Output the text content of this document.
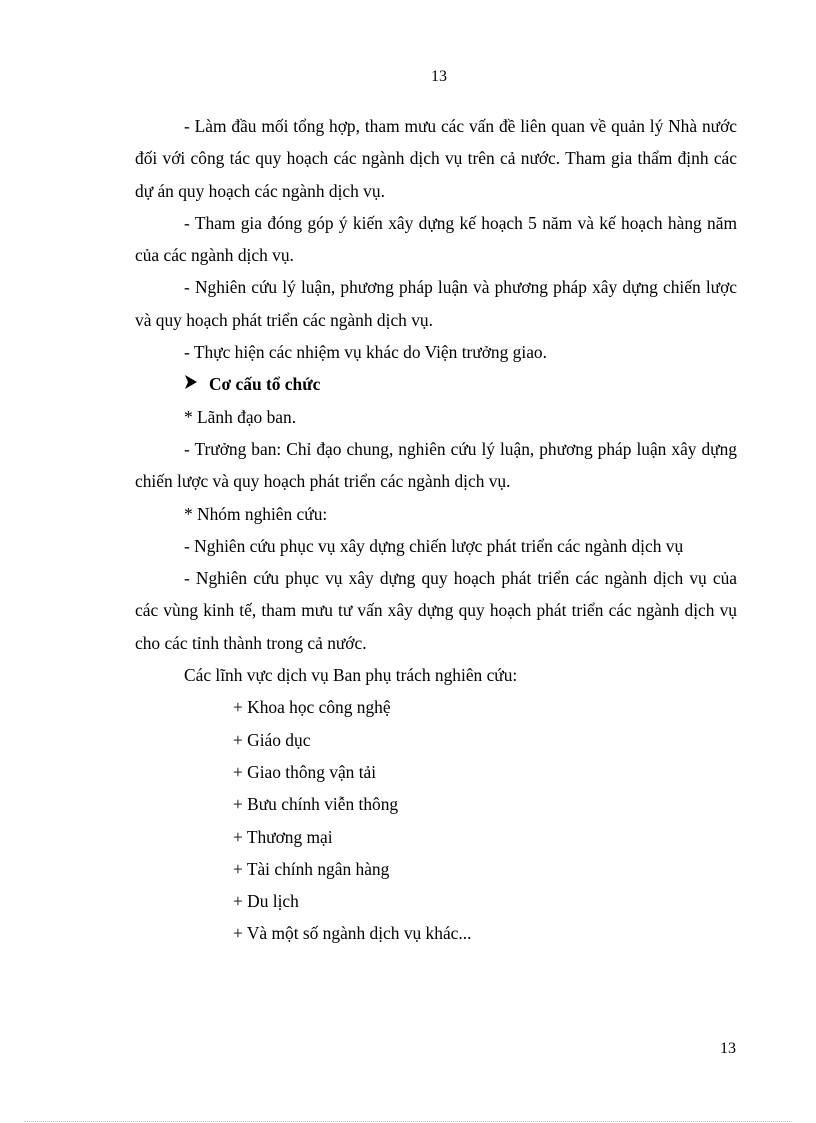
13

- Làm đầu mối tổng hợp, tham mưu các vấn đề liên quan về quản lý Nhà nước đối với công tác quy hoạch các ngành dịch vụ trên cả nước. Tham gia thẩm định các dự án quy hoạch các ngành dịch vụ.

- Tham gia đóng góp ý kiến xây dựng kế hoạch 5 năm và kế hoạch hàng năm của các ngành dịch vụ.

- Nghiên cứu lý luận, phương pháp luận và phương pháp xây dựng chiến lược và quy hoạch phát triển các ngành dịch vụ.

- Thực hiện các nhiệm vụ khác do Viện trưởng giao.

Cơ cấu tổ chức

* Lãnh đạo ban.

- Trưởng ban: Chỉ đạo chung, nghiên cứu lý luận, phương pháp luận xây dựng chiến lược và quy hoạch phát triển các ngành dịch vụ.

* Nhóm nghiên cứu:

- Nghiên cứu phục vụ xây dựng chiến lược phát triển các ngành dịch vụ

- Nghiên cứu phục vụ xây dựng quy hoạch phát triển các ngành dịch vụ của các vùng kinh tế, tham mưu tư vấn xây dựng quy hoạch phát triển các ngành dịch vụ cho các tỉnh thành trong cả nước.

Các lĩnh vực dịch vụ Ban phụ trách nghiên cứu:

+ Khoa học công nghệ

+ Giáo dục

+ Giao thông vận tải

+ Bưu chính viễn thông

+ Thương mại

+ Tài chính ngân hàng

+ Du lịch

+ Và một số ngành dịch vụ khác...

13
